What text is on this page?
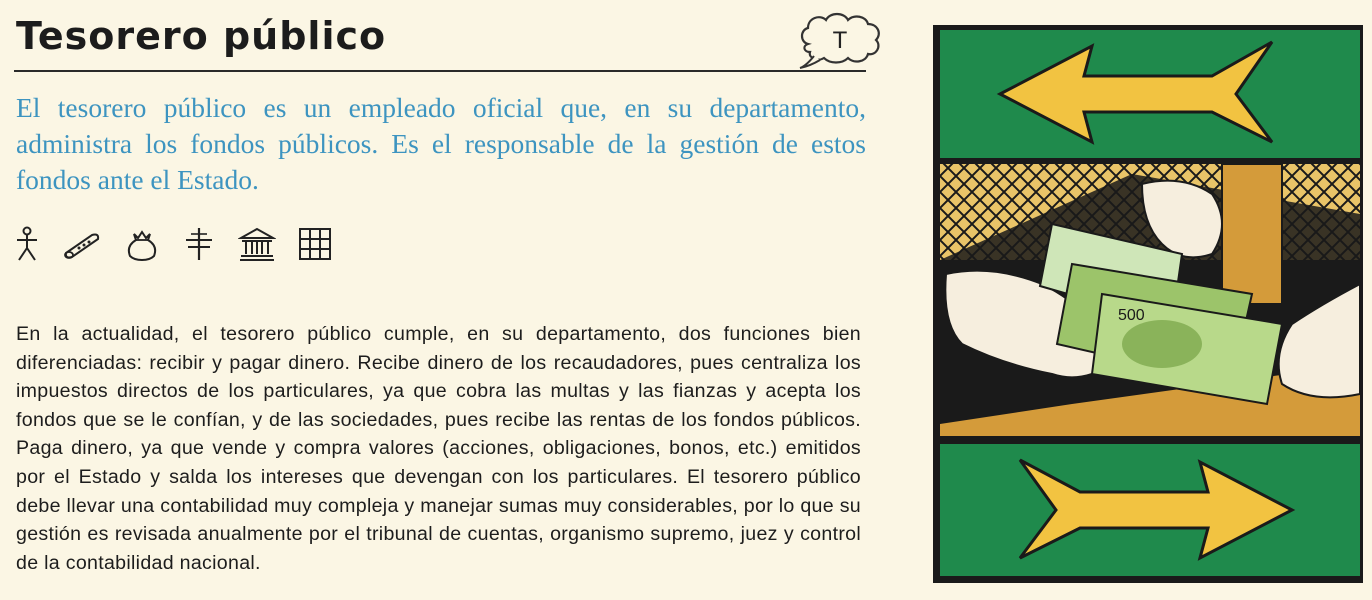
Tesorero público	T
El tesorero público es un empleado oficial que, en su departamento, administra los fondos públicos. Es el responsable de la gestión de estos fondos ante el Estado.
En la actualidad, el tesorero público cumple, en su departamento, dos funciones bien diferenciadas: recibir y pagar dinero. Recibe dinero de los recaudadores, pues centraliza los impuestos directos de los particulares, ya que cobra las multas y las fianzas y acepta los fondos que se le confían, y de las sociedades, pues recibe las rentas de los fondos públicos. Paga dinero, ya que vende y compra valores (acciones, obligaciones, bonos, etc.) emitidos por el Estado y salda los intereses que devengan con los particulares. El tesorero público debe llevar una contabilidad muy compleja y manejar sumas muy considerables, por lo que su gestión es revisada anualmente por el tribunal de cuentas, organismo supremo, juez y control de la contabilidad nacional.
500
